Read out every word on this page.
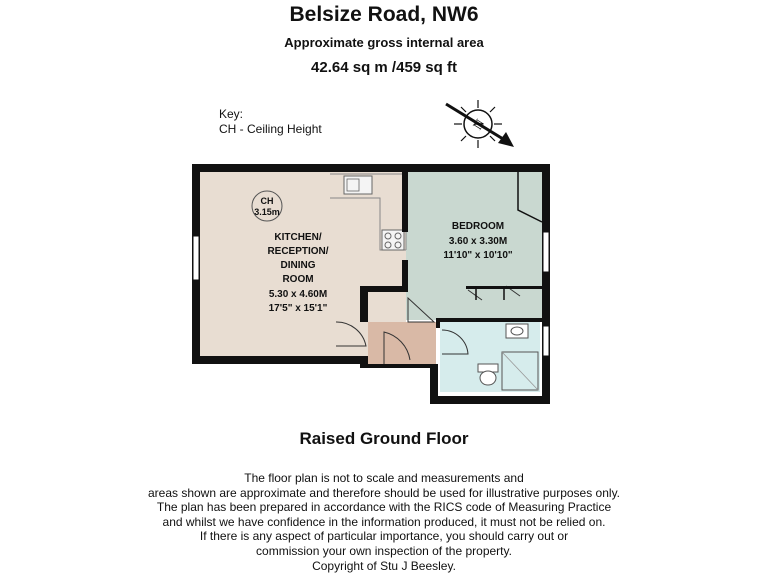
Belsize Road, NW6
Approximate gross internal area
42.64 sq m /459 sq ft
Key:
CH - Ceiling Height	N
CH
3.15m
KITCHEN/
RECEPTION/
DINING
ROOM
5.30 x 4.60M
17'5" x 15'1"
BEDROOM
3.60 x 3.30M
11'10" x 10'10"
Raised Ground Floor
The floor plan is not to scale and measurements and
areas shown are approximate and therefore should be used for illustrative purposes only.
The plan has been prepared in accordance with the RICS code of Measuring Practice
and whilst we have confidence in the information produced, it must not be relied on.
If there is any aspect of particular importance, you should carry out or
commission your own inspection of the property.
Copyright of Stu J Beesley.
